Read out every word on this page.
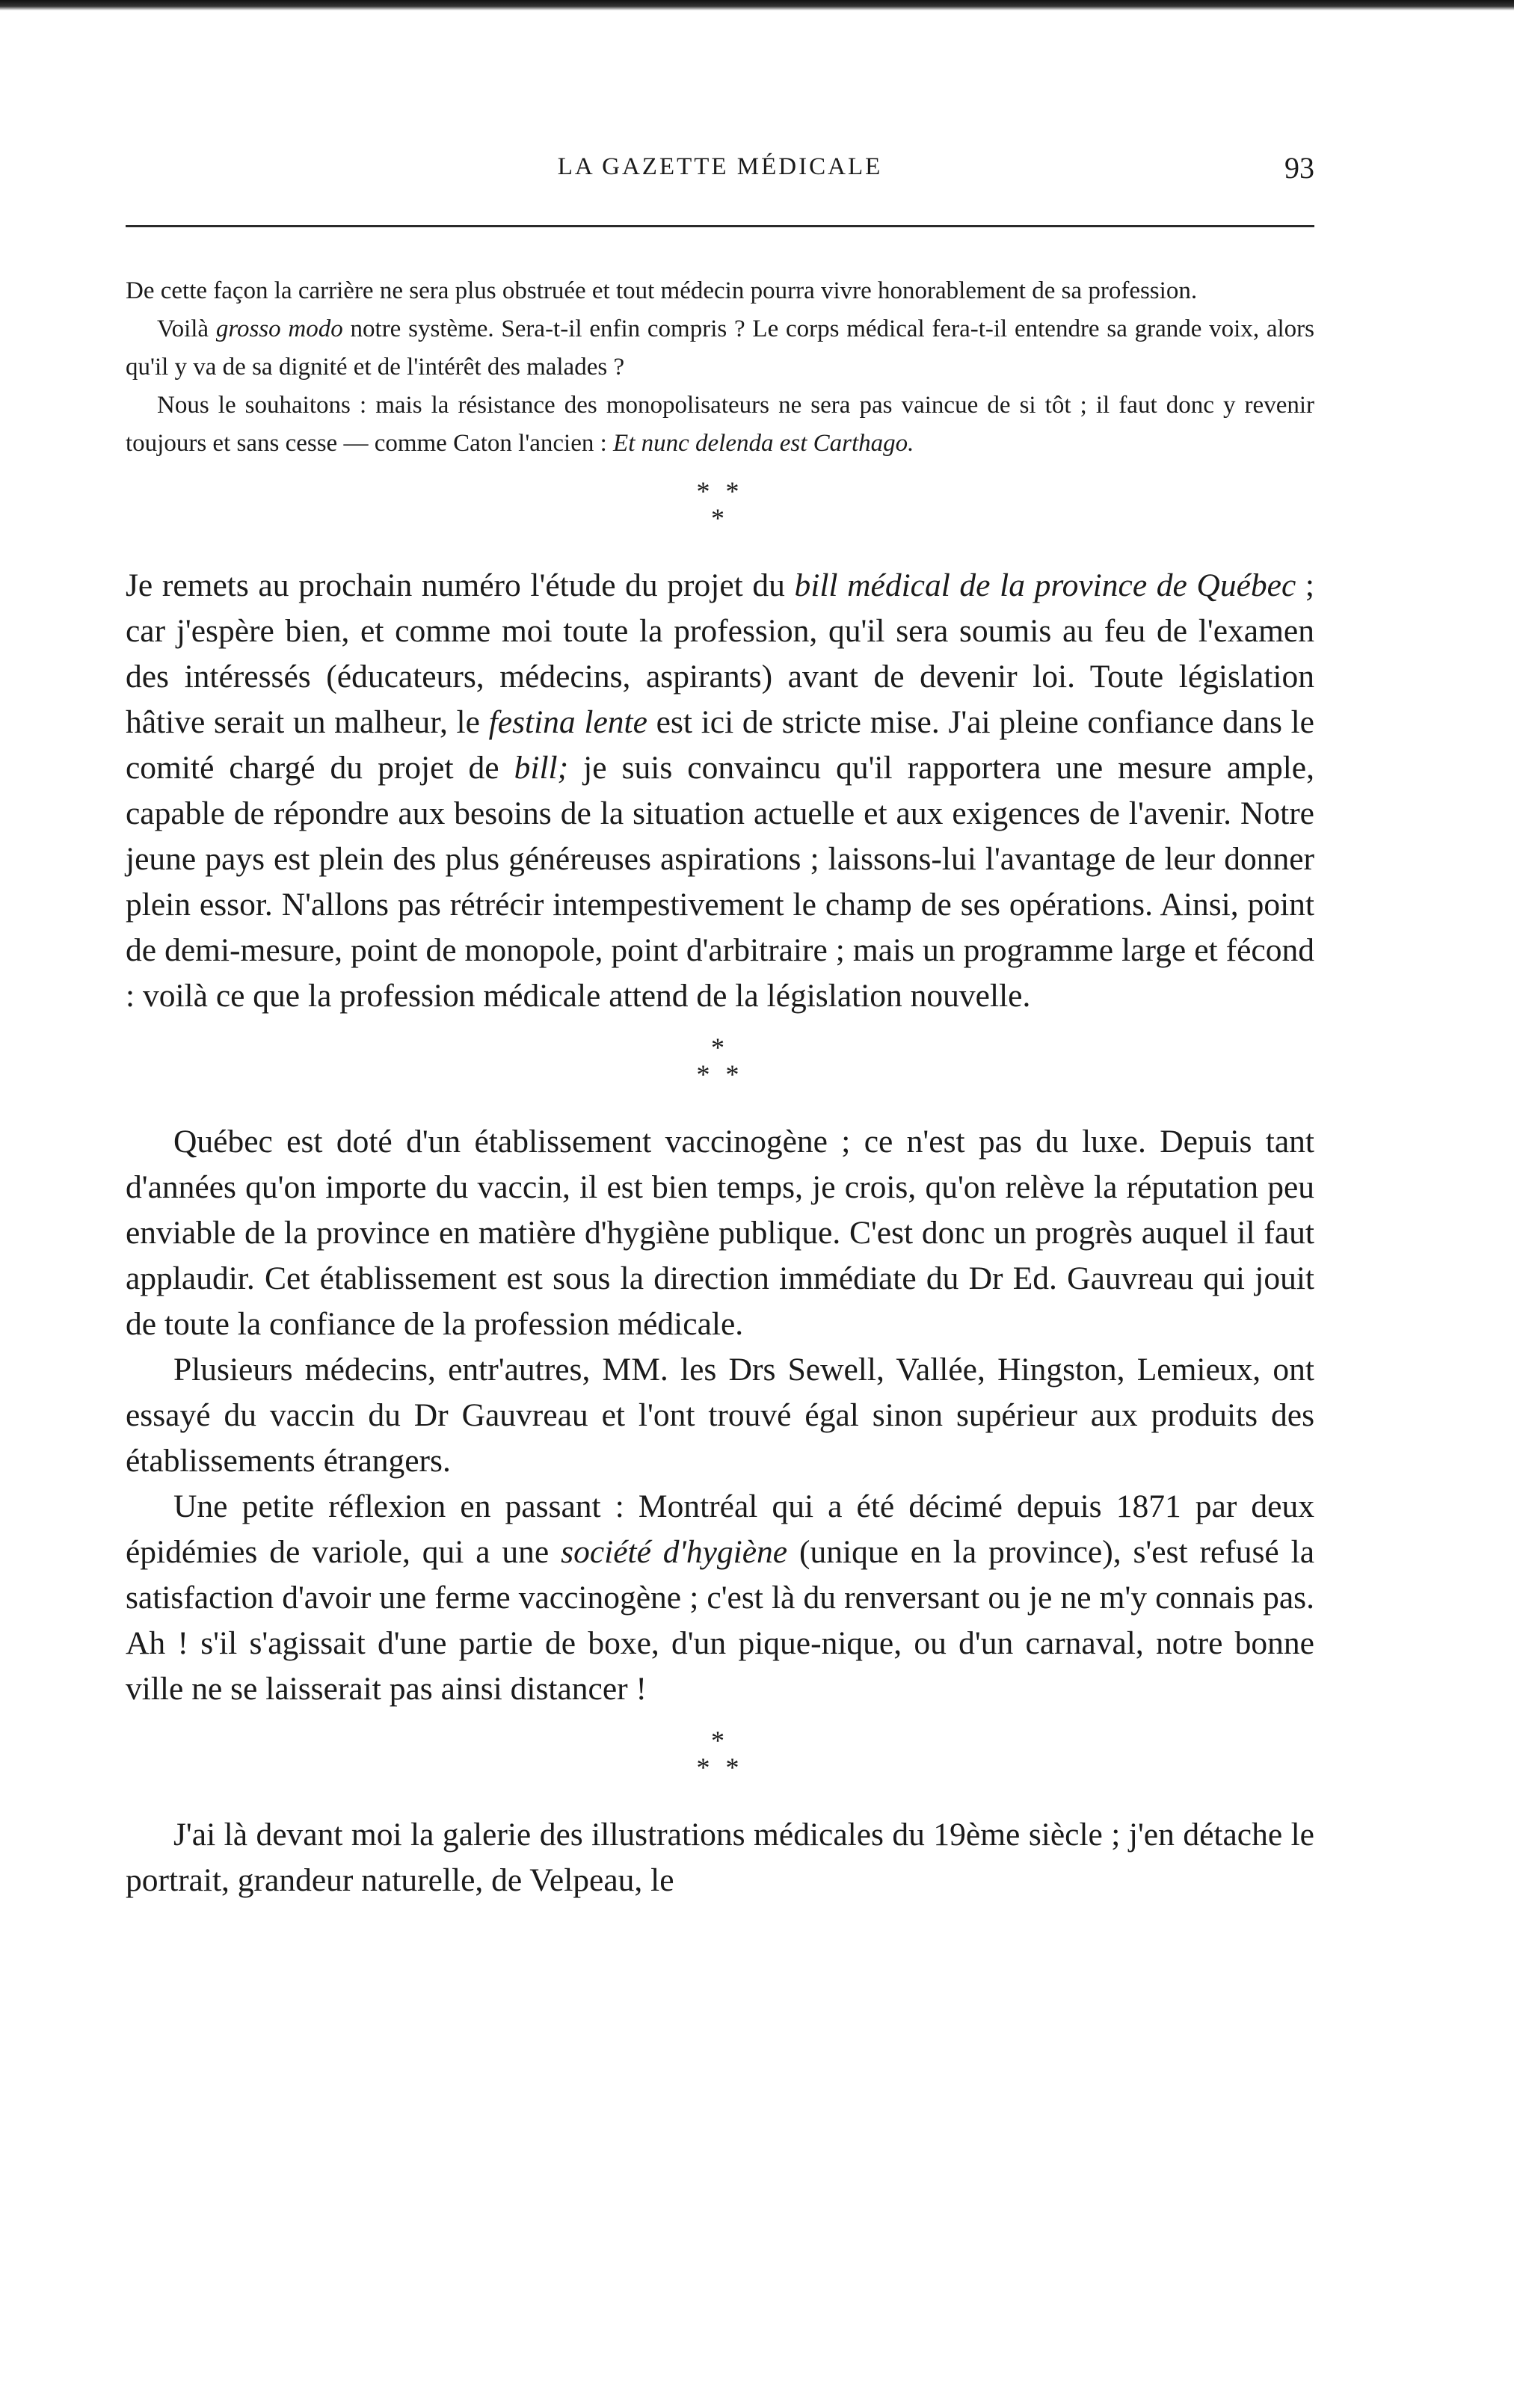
LA GAZETTE MÉDICALE	93

De cette façon la carrière ne sera plus obstruée et tout médecin pourra vivre honorablement de sa profession.

Voilà grosso modo notre système. Sera-t-il enfin compris ? Le corps médical fera-t-il entendre sa grande voix, alors qu'il y va de sa dignité et de l'intérêt des malades ?

Nous le souhaitons : mais la résistance des monopolisateurs ne sera pas vaincue de si tôt ; il faut donc y revenir toujours et sans cesse — comme Caton l'ancien : Et nunc delenda est Carthago.

* *
*

Je remets au prochain numéro l'étude du projet du bill médical de la province de Québec ; car j'espère bien, et comme moi toute la profession, qu'il sera soumis au feu de l'examen des intéressés (éducateurs, médecins, aspirants) avant de devenir loi. Toute législation hâtive serait un malheur, le festina lente est ici de stricte mise. J'ai pleine confiance dans le comité chargé du projet de bill; je suis convaincu qu'il rapportera une mesure ample, capable de répondre aux besoins de la situation actuelle et aux exigences de l'avenir. Notre jeune pays est plein des plus généreuses aspirations ; laissons-lui l'avantage de leur donner plein essor. N'allons pas rétrécir intempestivement le champ de ses opérations. Ainsi, point de demi-mesure, point de monopole, point d'arbitraire ; mais un programme large et fécond : voilà ce que la profession médicale attend de la législation nouvelle.

*
* *

Québec est doté d'un établissement vaccinogène ; ce n'est pas du luxe. Depuis tant d'années qu'on importe du vaccin, il est bien temps, je crois, qu'on relève la réputation peu enviable de la province en matière d'hygiène publique. C'est donc un progrès auquel il faut applaudir. Cet établissement est sous la direction immédiate du Dr Ed. Gauvreau qui jouit de toute la confiance de la profession médicale.

Plusieurs médecins, entr'autres, MM. les Drs Sewell, Vallée, Hingston, Lemieux, ont essayé du vaccin du Dr Gauvreau et l'ont trouvé égal sinon supérieur aux produits des établissements étrangers.

Une petite réflexion en passant : Montréal qui a été décimé depuis 1871 par deux épidémies de variole, qui a une société d'hygiène (unique en la province), s'est refusé la satisfaction d'avoir une ferme vaccinogène ; c'est là du renversant ou je ne m'y connais pas. Ah ! s'il s'agissait d'une partie de boxe, d'un pique-nique, ou d'un carnaval, notre bonne ville ne se laisserait pas ainsi distancer !

*
* *

J'ai là devant moi la galerie des illustrations médicales du 19ème siècle ; j'en détache le portrait, grandeur naturelle, de Velpeau, le
